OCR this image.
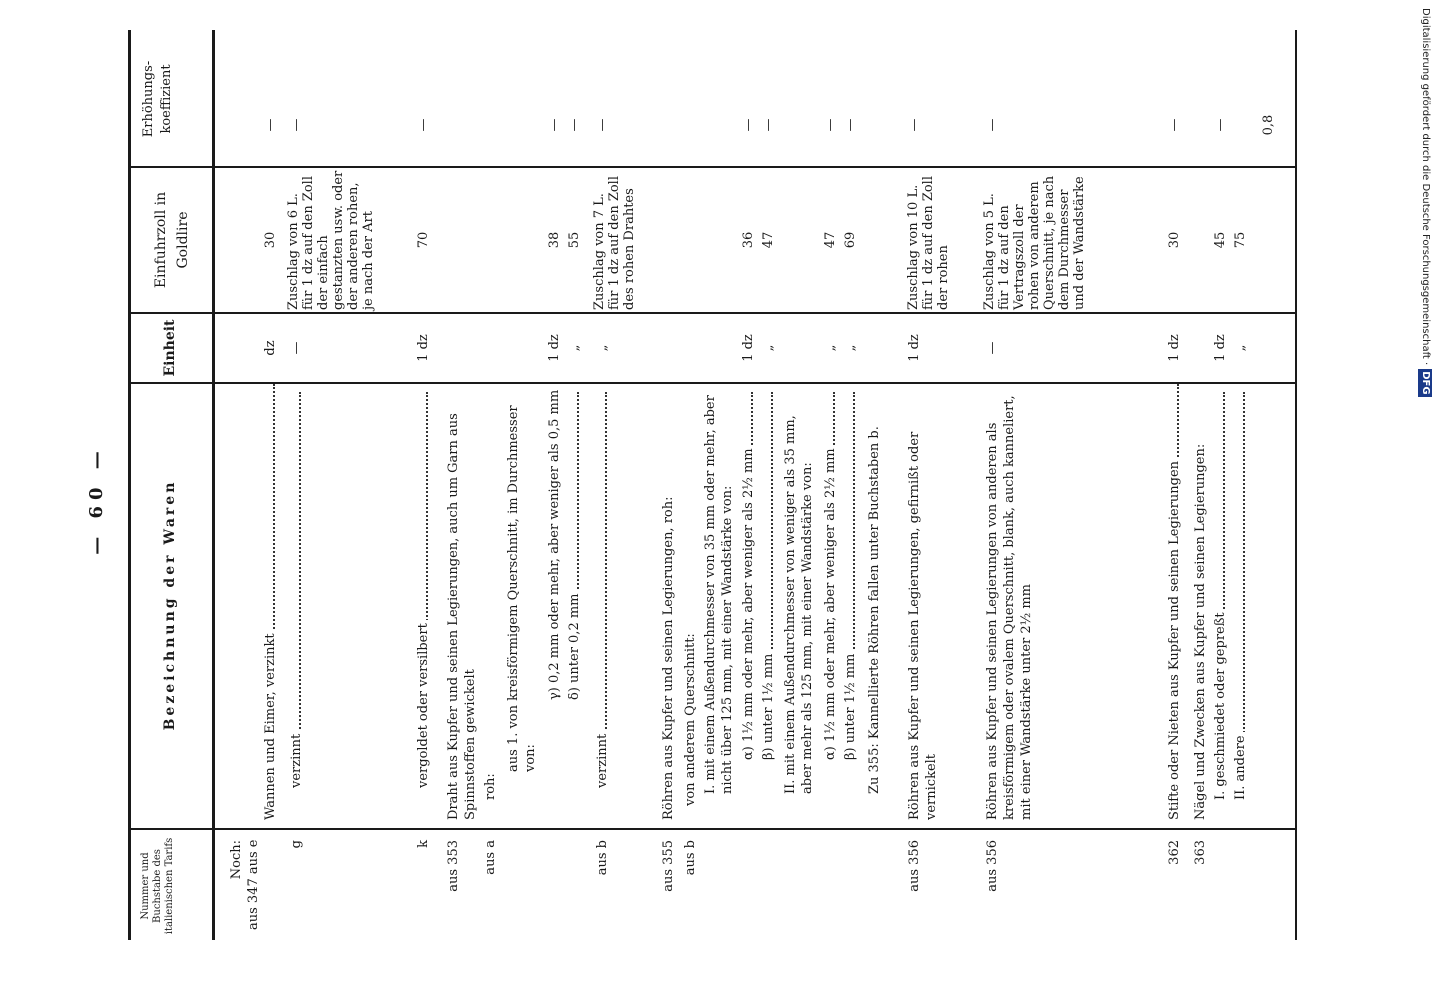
— 60 —
Nummer und Buchstabe des italienischen Tarifs
Bezeichnung der Waren
Einheit
Einfuhrzoll in Goldlire
Erhöhungskoeffizient
Noch: aus 347 aus e
Wannen und Eimer, verzinkt
dz
30
—
g
verzinnt
—
Zuschlag von 6 L. für 1 dz auf den Zoll der einfach gestanzten usw. oder der anderen rohen, je nach der Art
—
k
vergoldet oder versilbert
1 dz
70
—
aus 353
Draht aus Kupfer und seinen Legierungen, auch um Garn aus Spinnstoffen gewickelt
aus a
roh:
aus 1. von kreisförmigem Querschnitt, im Durchmesser von:
γ) 0,2 mm oder mehr, aber weniger als 0,5 mm
1 dz
38
—
δ) unter 0,2 mm
„
55
—
aus b
verzinnt
„
Zuschlag von 7 L. für 1 dz auf den Zoll des rohen Drahtes
—
aus 355
Röhren aus Kupfer und seinen Legierungen, roh:
aus b
von anderem Querschnitt: I. mit einem Außendurchmesser von 35 mm oder mehr, aber nicht über 125 mm, mit einer Wandstärke von: α) 1½ mm oder mehr, aber weniger als 2½ mm
1 dz
36
—
β) unter 1½ mm
„
47
—
II. mit einem Außendurchmesser von weniger als 35 mm, aber mehr als 125 mm, mit einer Wandstärke von: α) 1½ mm oder mehr, aber weniger als 2½ mm
„
47
—
β) unter 1½ mm
„
69
—
Zu 355: Kannellierte Röhren fallen unter Buchstaben b.
aus 356
Röhren aus Kupfer und seinen Legierungen, gefirnißt oder vernickelt
1 dz
Zuschlag von 10 L. für 1 dz auf den Zoll der rohen
—
aus 356
Röhren aus Kupfer und seinen Legierungen von anderen als kreisförmigem oder ovalem Querschnitt, blank, auch kanneliert, mit einer Wandstärke unter 2½ mm
—
Zuschlag von 5 L. für 1 dz auf den Vertragszoll der rohen von anderem Querschnitt, je nach dem Durchmesser und der Wandstärke
—
362
Stifte oder Nieten aus Kupfer und seinen Legierungen
1 dz
30
—
363
Nägel und Zwecken aus Kupfer und seinen Legierungen: I. geschmiedet oder gepreßt
1 dz
45
—
II. andere
„
75
0,8	Digitalisierung gefördert durch die Deutsche Forschungsgemeinschaft ·DFG
